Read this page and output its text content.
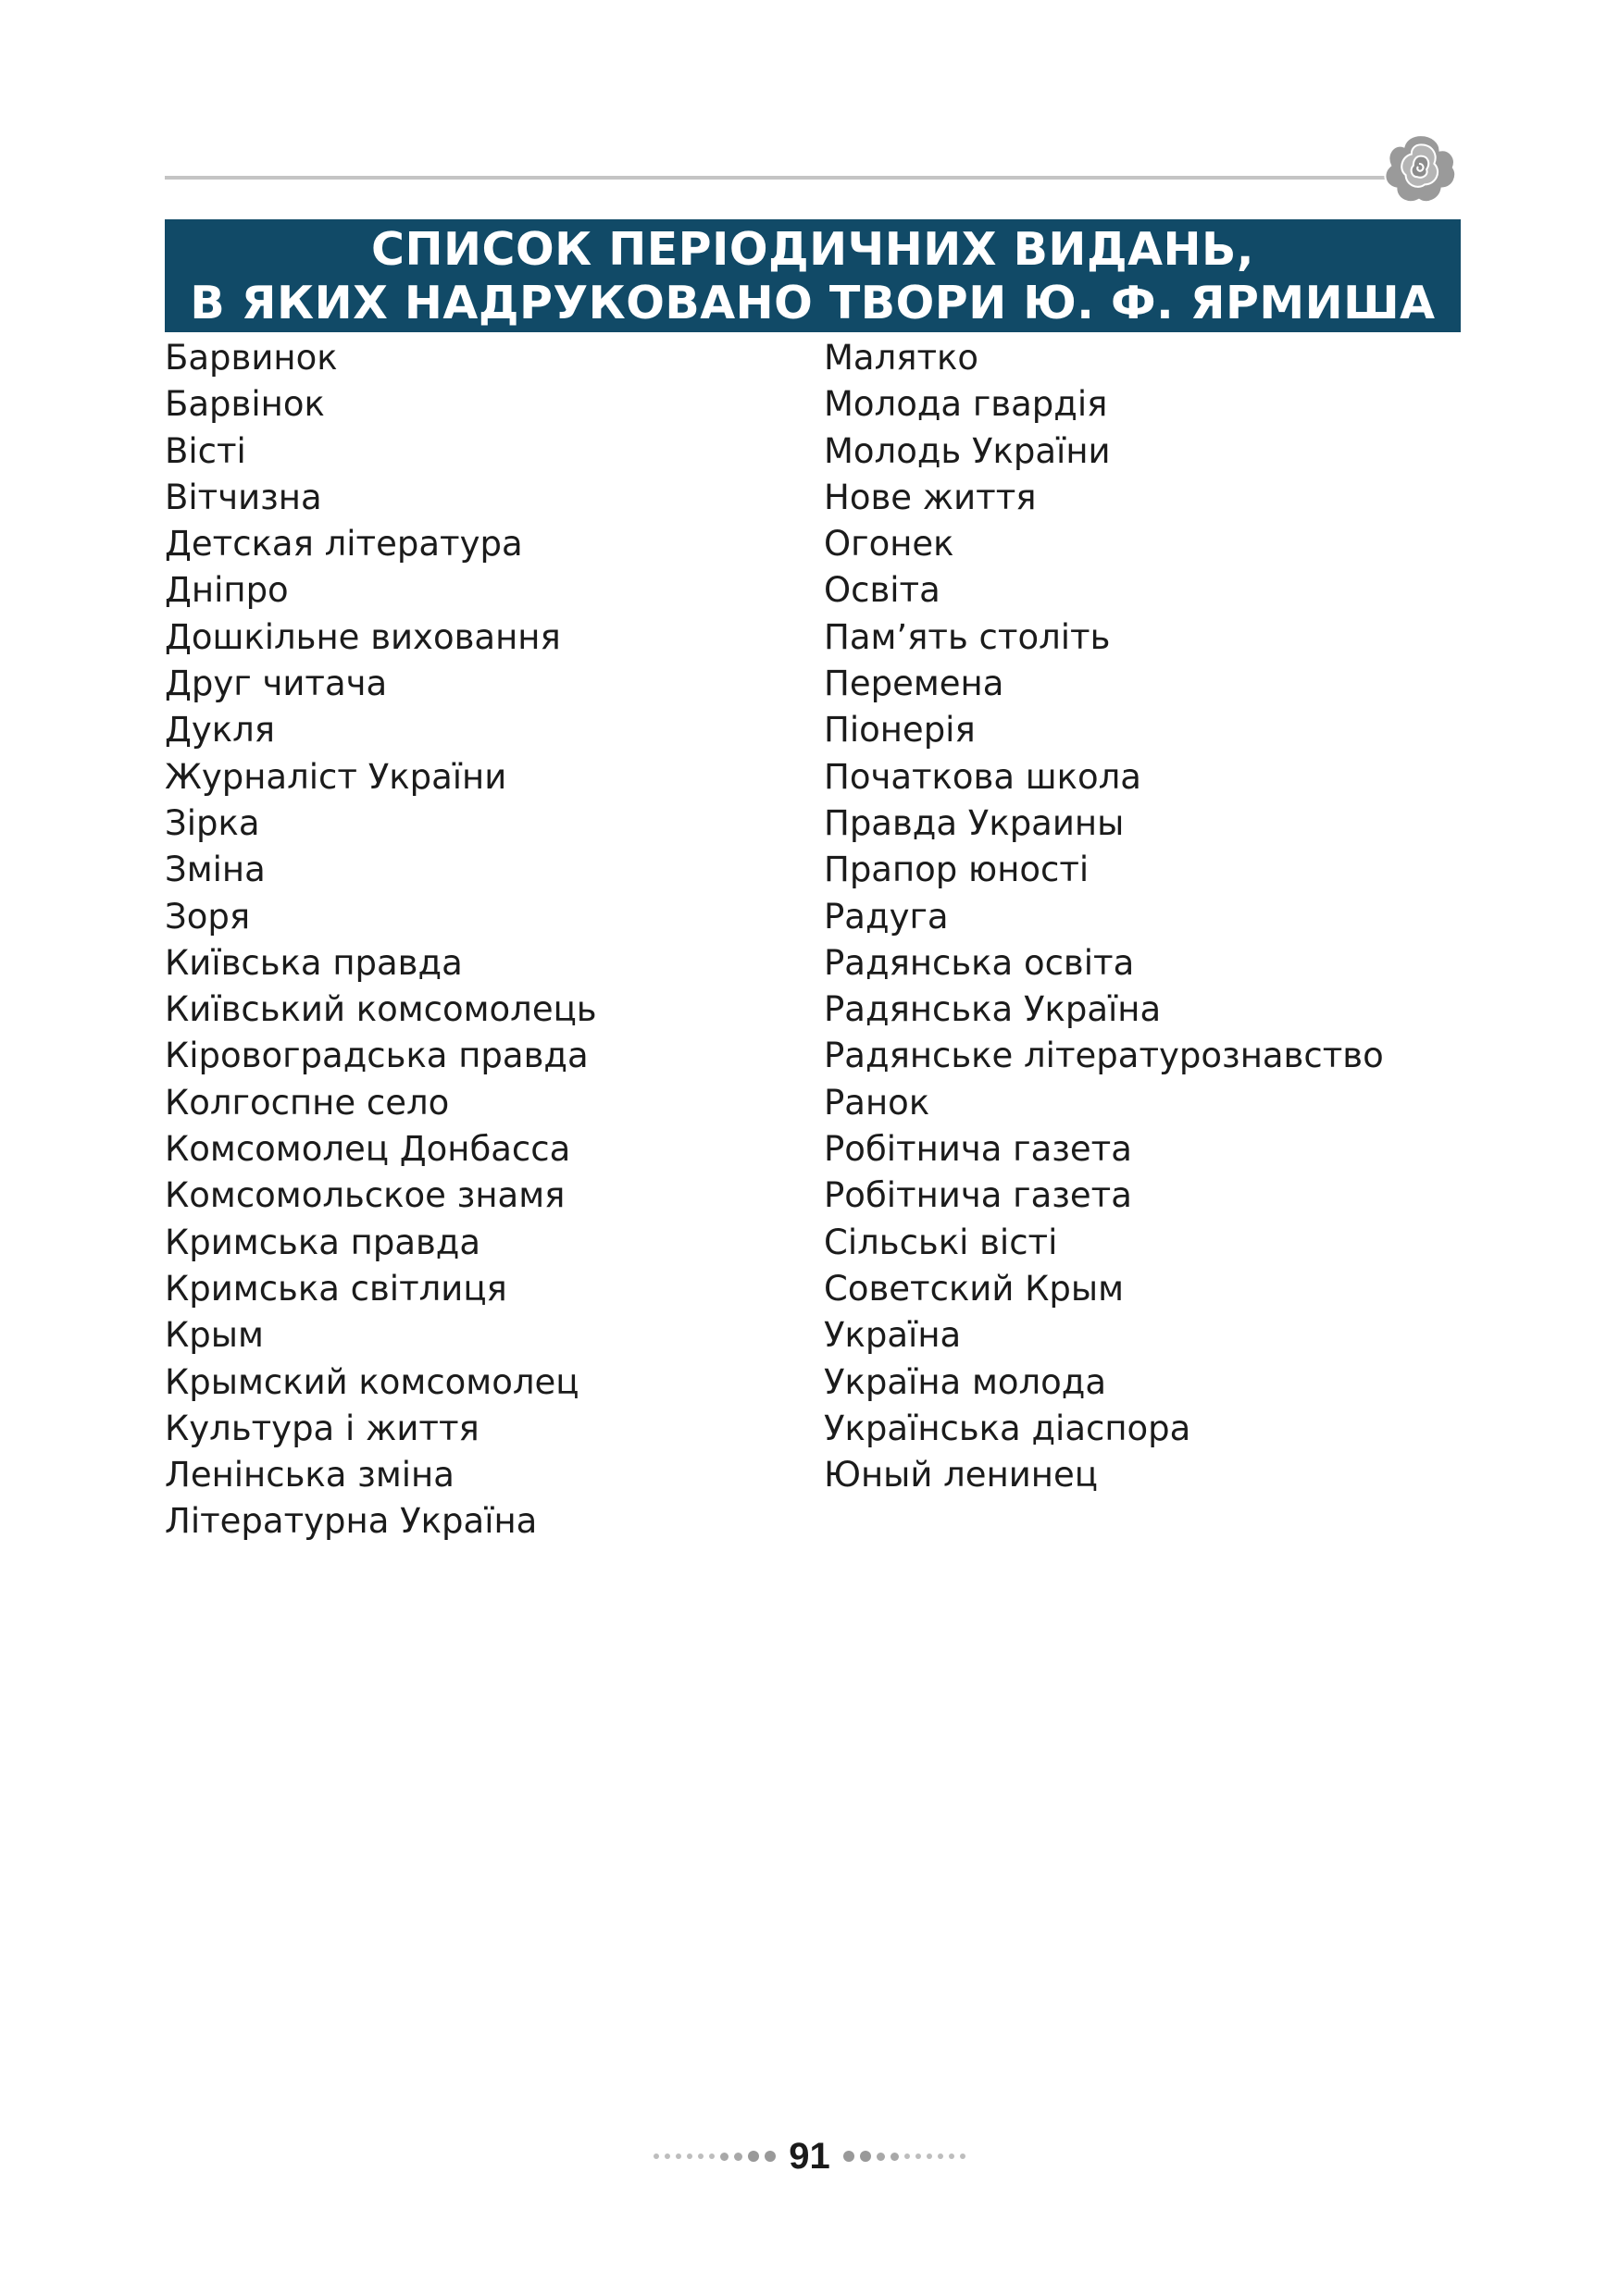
СПИСОК ПЕРІОДИЧНИХ ВИДАНЬ,
В ЯКИХ НАДРУКОВАНО ТВОРИ Ю. Ф. ЯРМИША
Барвинок
Барвінок
Вісті
Вітчизна
Детская література
Дніпро
Дошкільне виховання
Друг читача
Дукля
Журналіст України
Зірка
Зміна
Зоря
Київська правда
Київський комсомолець
Кіровоградська правда
Колгоспне село
Комсомолец Донбасса
Комсомольское знамя
Кримська правда
Кримська світлиця
Крым
Крымский комсомолец
Культура і життя
Ленінська зміна
Літературна Україна
Малятко
Молода гвардія
Молодь України
Нове життя
Огонек
Освіта
Пам’ять століть
Перемена
Піонерія
Початкова школа
Правда Украины
Прапор юності
Радуга
Радянська освіта
Радянська Україна
Радянське літературознавство
Ранок
Робітнича газета
Робітнича газета
Сільські вісті
Советский Крым
Україна
Україна молода
Українська діаспора
Юный ленинец
91
